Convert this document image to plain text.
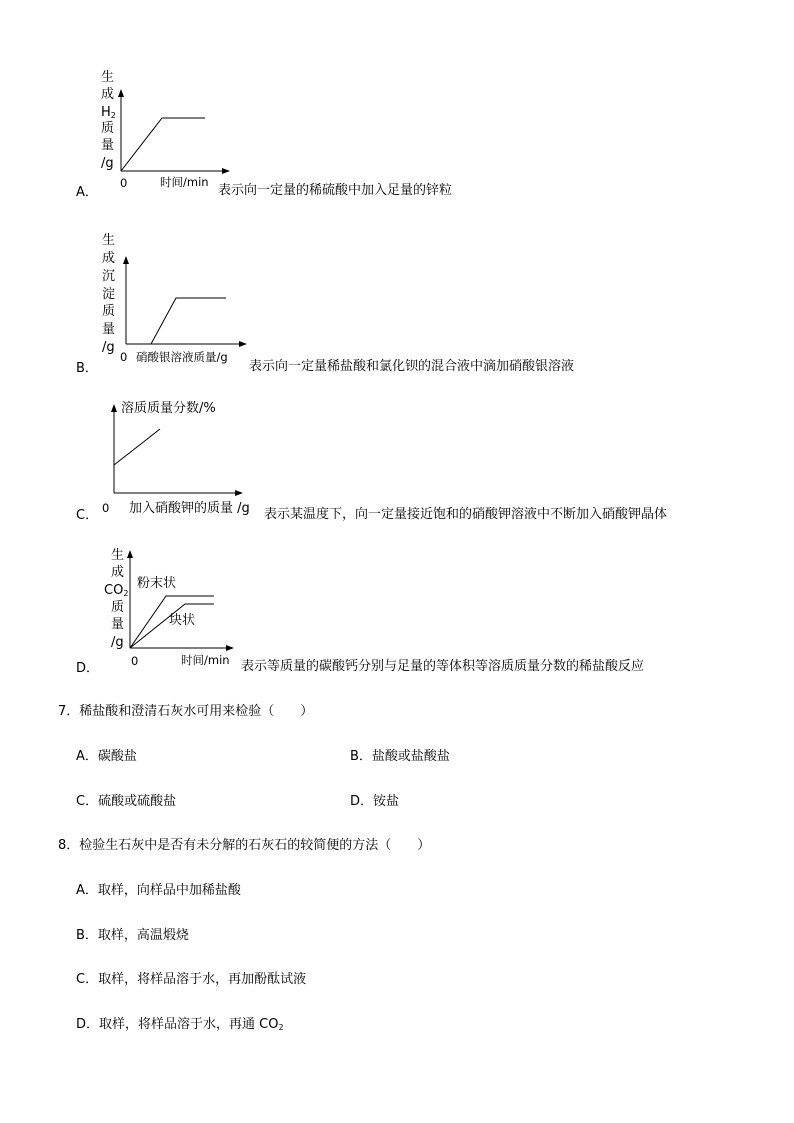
生
成
$H_2$
质
量
/g
0	时间/min
A．	表示向一定量的稀硫酸中加入足量的锌粒
生
成
沉
淀
质
量
/g
0 硝酸银溶液质量/g
B．	表示向一定量稀盐酸和氯化钡的混合液中滴加硝酸银溶液
溶质质量分数/%
0 加入硝酸钾的质量 /g
C．	表示某温度下，向一定量接近饱和的硝酸钾溶液中不断加入硝酸钾晶体
生
成
$CO_2$
质
量
/g
粉末状
块状
0	时间/min
D．	表示等质量的碳酸钙分别与足量的等体积等溶质质量分数的稀盐酸反应
7．稀盐酸和澄清石灰水可用来检验（　　）
A．碳酸盐	B．盐酸或盐酸盐
C．硫酸或硫酸盐	D．铵盐
8．检验生石灰中是否有未分解的石灰石的较简便的方法（　　）
A．取样，向样品中加稀盐酸
B．取样，高温煅烧
C．取样，将样品溶于水，再加酚酞试液
D．取样，将样品溶于水，再通 $CO_2$
